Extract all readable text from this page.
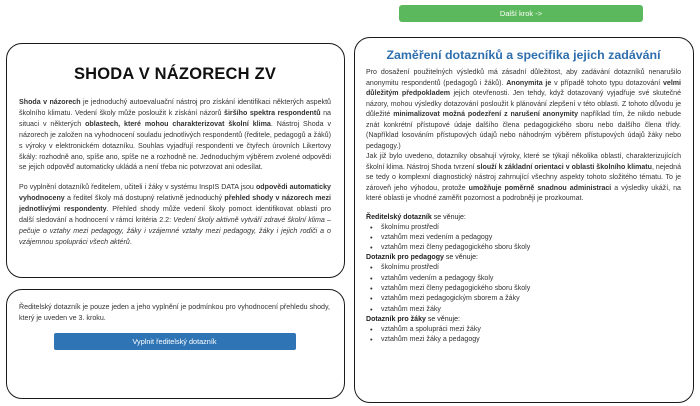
Další krok ->
SHODA V NÁZORECH ZV

Shoda v názorech je jednoduchý autoevaluační nástroj pro získání identifikaci některých aspektů školního klimatu. Vedení školy může posloužit k získání názorů širšího spektra respondentů na situaci v některých oblastech, které mohou charakterizovat školní klima. Nástroj Shoda v názorech je založen na vyhodnocení souladu jednotlivých respondentů (ředitele, pedagogů a žáků) s výroky v elektronickém dotazníku. Souhlas vyjadřují respondenti ve čtyřech úrovních Likertovy škály: rozhodně ano, spíše ano, spíše ne a rozhodně ne. Jednoduchým výběrem zvolené odpovědi se jejich odpověď automaticky ukládá a není třeba nic potvrzovat ani odesílat.

Po vyplnění dotazníků ředitelem, učiteli i žáky v systému InspIS DATA jsou odpovědi automaticky vyhodnoceny a ředitel školy má dostupný relativně jednoduchý přehled shody v názorech mezi jednotlivými respondenty. Přehled shody může vedení školy pomoct identifikovat oblasti pro další sledování a hodnocení v rámci kritéria 2.2: Vedení školy aktivně vytváří zdravé školní klima – pečuje o vztahy mezi pedagogy, žáky i vzájemné vztahy mezi pedagogy, žáky i jejich rodiči a o vzájemnou spolupráci všech aktérů.

Ředitelský dotazník je pouze jeden a jeho vyplnění je podmínkou pro vyhodnocení přehledu shody, který je uveden ve 3. kroku.

Vyplnit ředitelský dotazník
Zaměření dotazníků a specifika jejich zadávání

Pro dosažení použitelných výsledků má zásadní důležitost, aby zadávání dotazníků nenarušilo anonymitu respondentů (pedagogů i žáků). Anonymita je v případě tohoto typu dotazování velmi důležitým předpokladem jejich otevřenosti. Jen tehdy, když dotazovaný vyjadřuje své skutečné názory, mohou výsledky dotazování posloužit k plánování zlepšení v této oblasti. Z tohoto důvodu je důležité minimalizovat možná podezření z narušení anonymity například tím, že nikdo nebude znát konkrétní přístupové údaje dalšího člena pedagogického sboru nebo dalšího člena třídy. (Například losováním přístupových údajů nebo náhodným výběrem přístupových údajů žáky nebo pedagogy.)

Jak již bylo uvedeno, dotazníky obsahují výroky, které se týkají několika oblastí, charakterizujících školní klima. Nástroj Shoda tvrzení slouží k základní orientaci v oblasti školního klimatu, nejedná se tedy o komplexní diagnostický nástroj zahrnující všechny aspekty tohoto složitého tématu. To je zároveň jeho výhodou, protože umožňuje poměrně snadnou administraci a výsledky ukáží, na které oblasti je vhodné zaměřit pozornost a podrobněji je prozkoumat.

Ředitelský dotazník se věnuje:
• školnímu prostředí
• vztahům mezi vedením a pedagogy
• vztahům mezi členy pedagogického sboru školy
Dotazník pro pedagogy se věnuje:
• školnímu prostředí
• vztahům vedením a pedagogy školy
• vztahům mezi členy pedagogického sboru školy
• vztahům mezi pedagogickým sborem a žáky
• vztahům mezi žáky
Dotazník pro žáky se věnuje:
• vztahům a spolupráci mezi žáky
• vztahům mezi žáky a pedagogy
